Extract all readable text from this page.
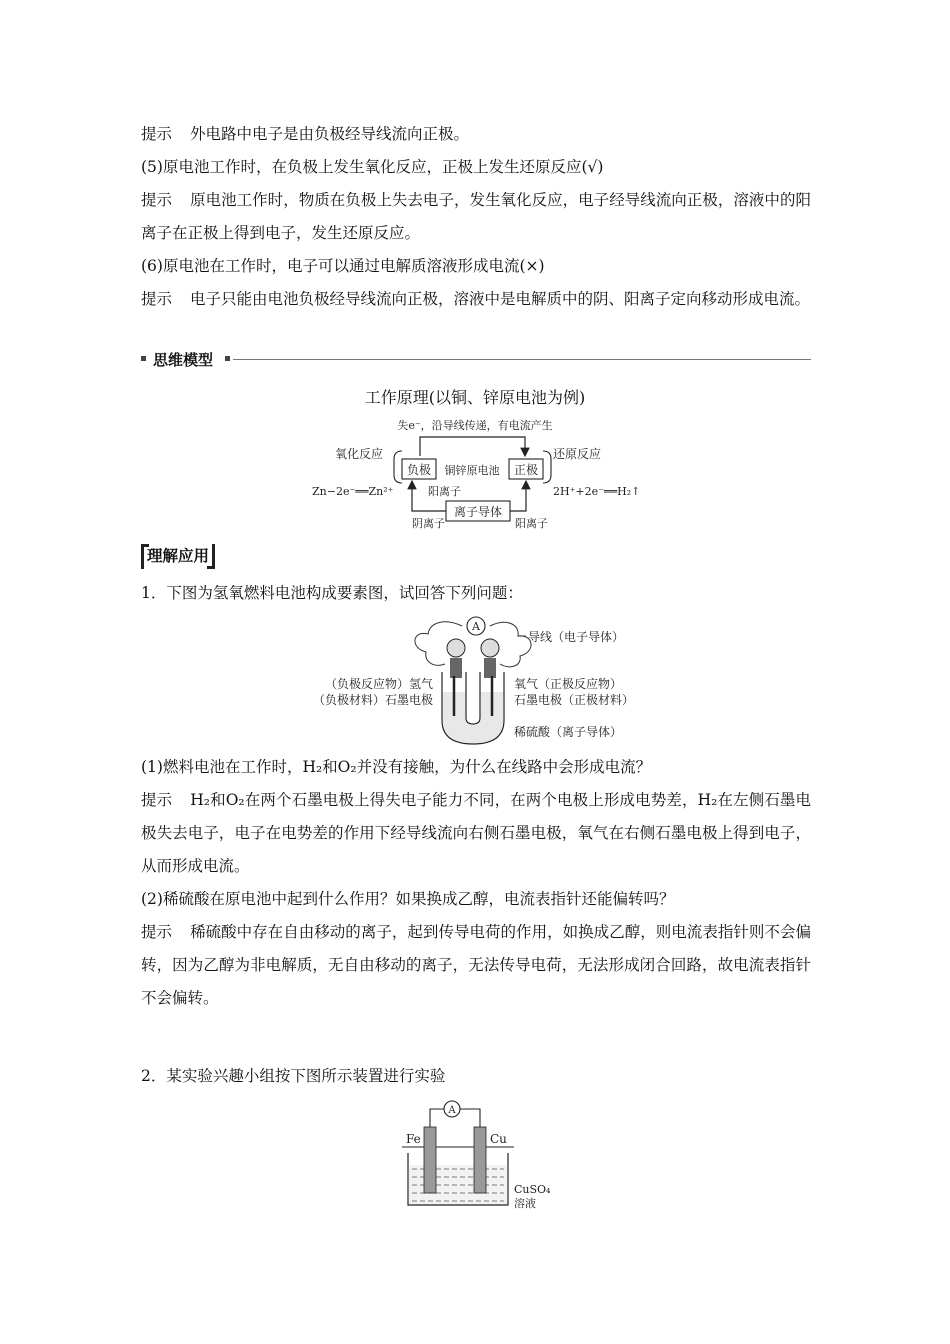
提示 外电路中电子是由负极经导线流向正极。

(5)原电池工作时，在负极上发生氧化反应，正极上发生还原反应(√)

提示 原电池工作时，物质在负极上失去电子，发生氧化反应，电子经导线流向正极，溶液中的阳离子在正极上得到电子，发生还原反应。

(6)原电池在工作时，电子可以通过电解质溶液形成电流(×)

提示 电子只能由电池负极经导线流向正极，溶液中是电解质中的阴、阳离子定向移动形成电流。

思维模型
工作原理(以铜、锌原电池为例)
失e⁻，沿导线传递，有电流产生
氧化反应	还原反应
负极 铜锌原电池 正极
Zn−2e⁻══Zn²⁺	2H⁺+2e⁻══H₂↑
阳离子
离子导体
阴离子	阳离子
理解应用

1．下图为氢氧燃料电池构成要素图，试回答下列问题：

A
导线（电子导体）
（负极反应物）氢气
（负极材料）石墨电极
氧气（正极反应物）
石墨电极（正极材料）
稀硫酸（离子导体）

(1)燃料电池在工作时，H₂和O₂并没有接触，为什么在线路中会形成电流？

提示 H₂和O₂在两个石墨电极上得失电子能力不同，在两个电极上形成电势差，H₂在左侧石墨电极失去电子，电子在电势差的作用下经导线流向右侧石墨电极，氧气在右侧石墨电极上得到电子，从而形成电流。

(2)稀硫酸在原电池中起到什么作用？如果换成乙醇，电流表指针还能偏转吗？

提示 稀硫酸中存在自由移动的离子，起到传导电荷的作用，如换成乙醇，则电流表指针则不会偏转，因为乙醇为非电解质，无自由移动的离子，无法传导电荷，无法形成闭合回路，故电流表指针不会偏转。

2．某实验兴趣小组按下图所示装置进行实验

A
Fe	Cu
CuSO₄
溶液
